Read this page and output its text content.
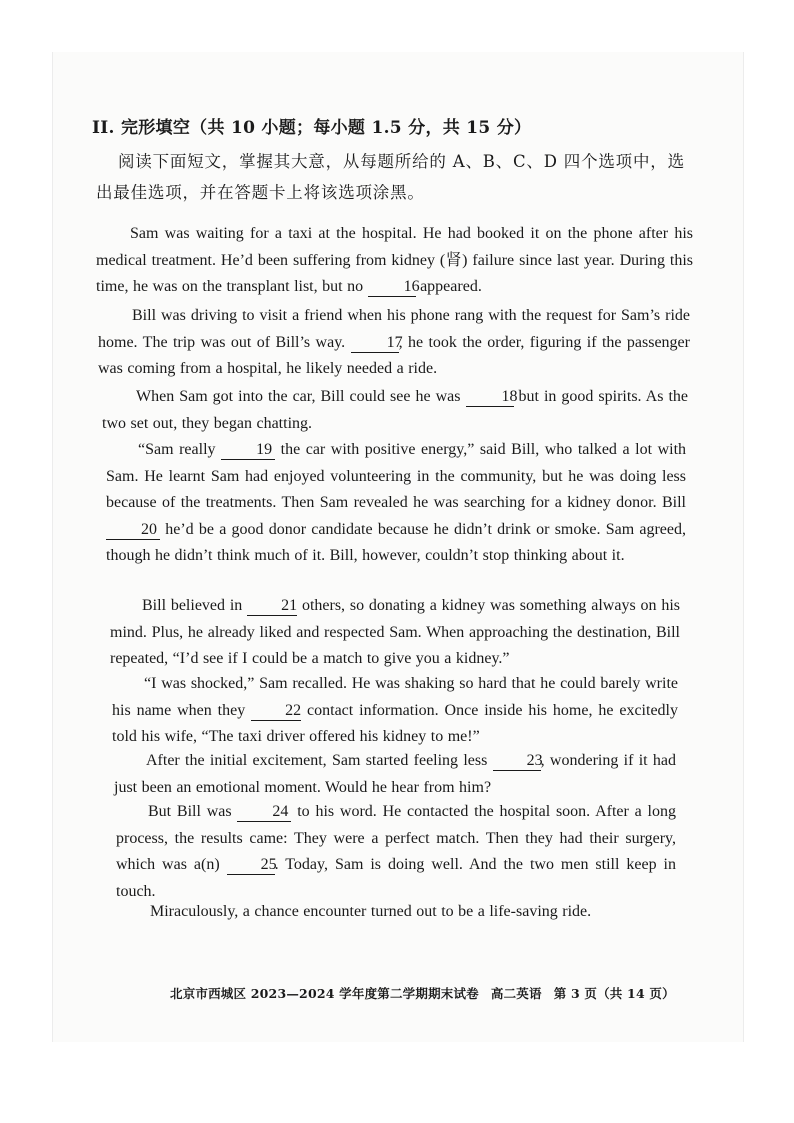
II. 完形填空（共 10 小题；每小题 1.5 分，共 15 分）
阅读下面短文，掌握其大意，从每题所给的 A、B、C、D 四个选项中，选出最佳选项，并在答题卡上将该选项涂黑。
Sam was waiting for a taxi at the hospital. He had booked it on the phone after his medical treatment. He’d been suffering from kidney (肾) failure since last year. During this time, he was on the transplant list, but no 16 appeared.
Bill was driving to visit a friend when his phone rang with the request for Sam’s ride home. The trip was out of Bill’s way. 17, he took the order, figuring if the passenger was coming from a hospital, he likely needed a ride.
When Sam got into the car, Bill could see he was 18 but in good spirits. As the two set out, they began chatting.
“Sam really 19 the car with positive energy,” said Bill, who talked a lot with Sam. He learnt Sam had enjoyed volunteering in the community, but he was doing less because of the treatments. Then Sam revealed he was searching for a kidney donor. Bill 20 he’d be a good donor candidate because he didn’t drink or smoke. Sam agreed, though he didn’t think much of it. Bill, however, couldn’t stop thinking about it.
Bill believed in 21 others, so donating a kidney was something always on his mind. Plus, he already liked and respected Sam. When approaching the destination, Bill repeated, “I’d see if I could be a match to give you a kidney.”
“I was shocked,” Sam recalled. He was shaking so hard that he could barely write his name when they 22 contact information. Once inside his home, he excitedly told his wife, “The taxi driver offered his kidney to me!”
After the initial excitement, Sam started feeling less 23, wondering if it had just been an emotional moment. Would he hear from him?
But Bill was 24 to his word. He contacted the hospital soon. After a long process, the results came: They were a perfect match. Then they had their surgery, which was a(n) 25. Today, Sam is doing well. And the two men still keep in touch.
Miraculously, a chance encounter turned out to be a life-saving ride.
北京市西城区 2023—2024 学年度第二学期期末试卷 高二英语 第 3 页（共 14 页）
